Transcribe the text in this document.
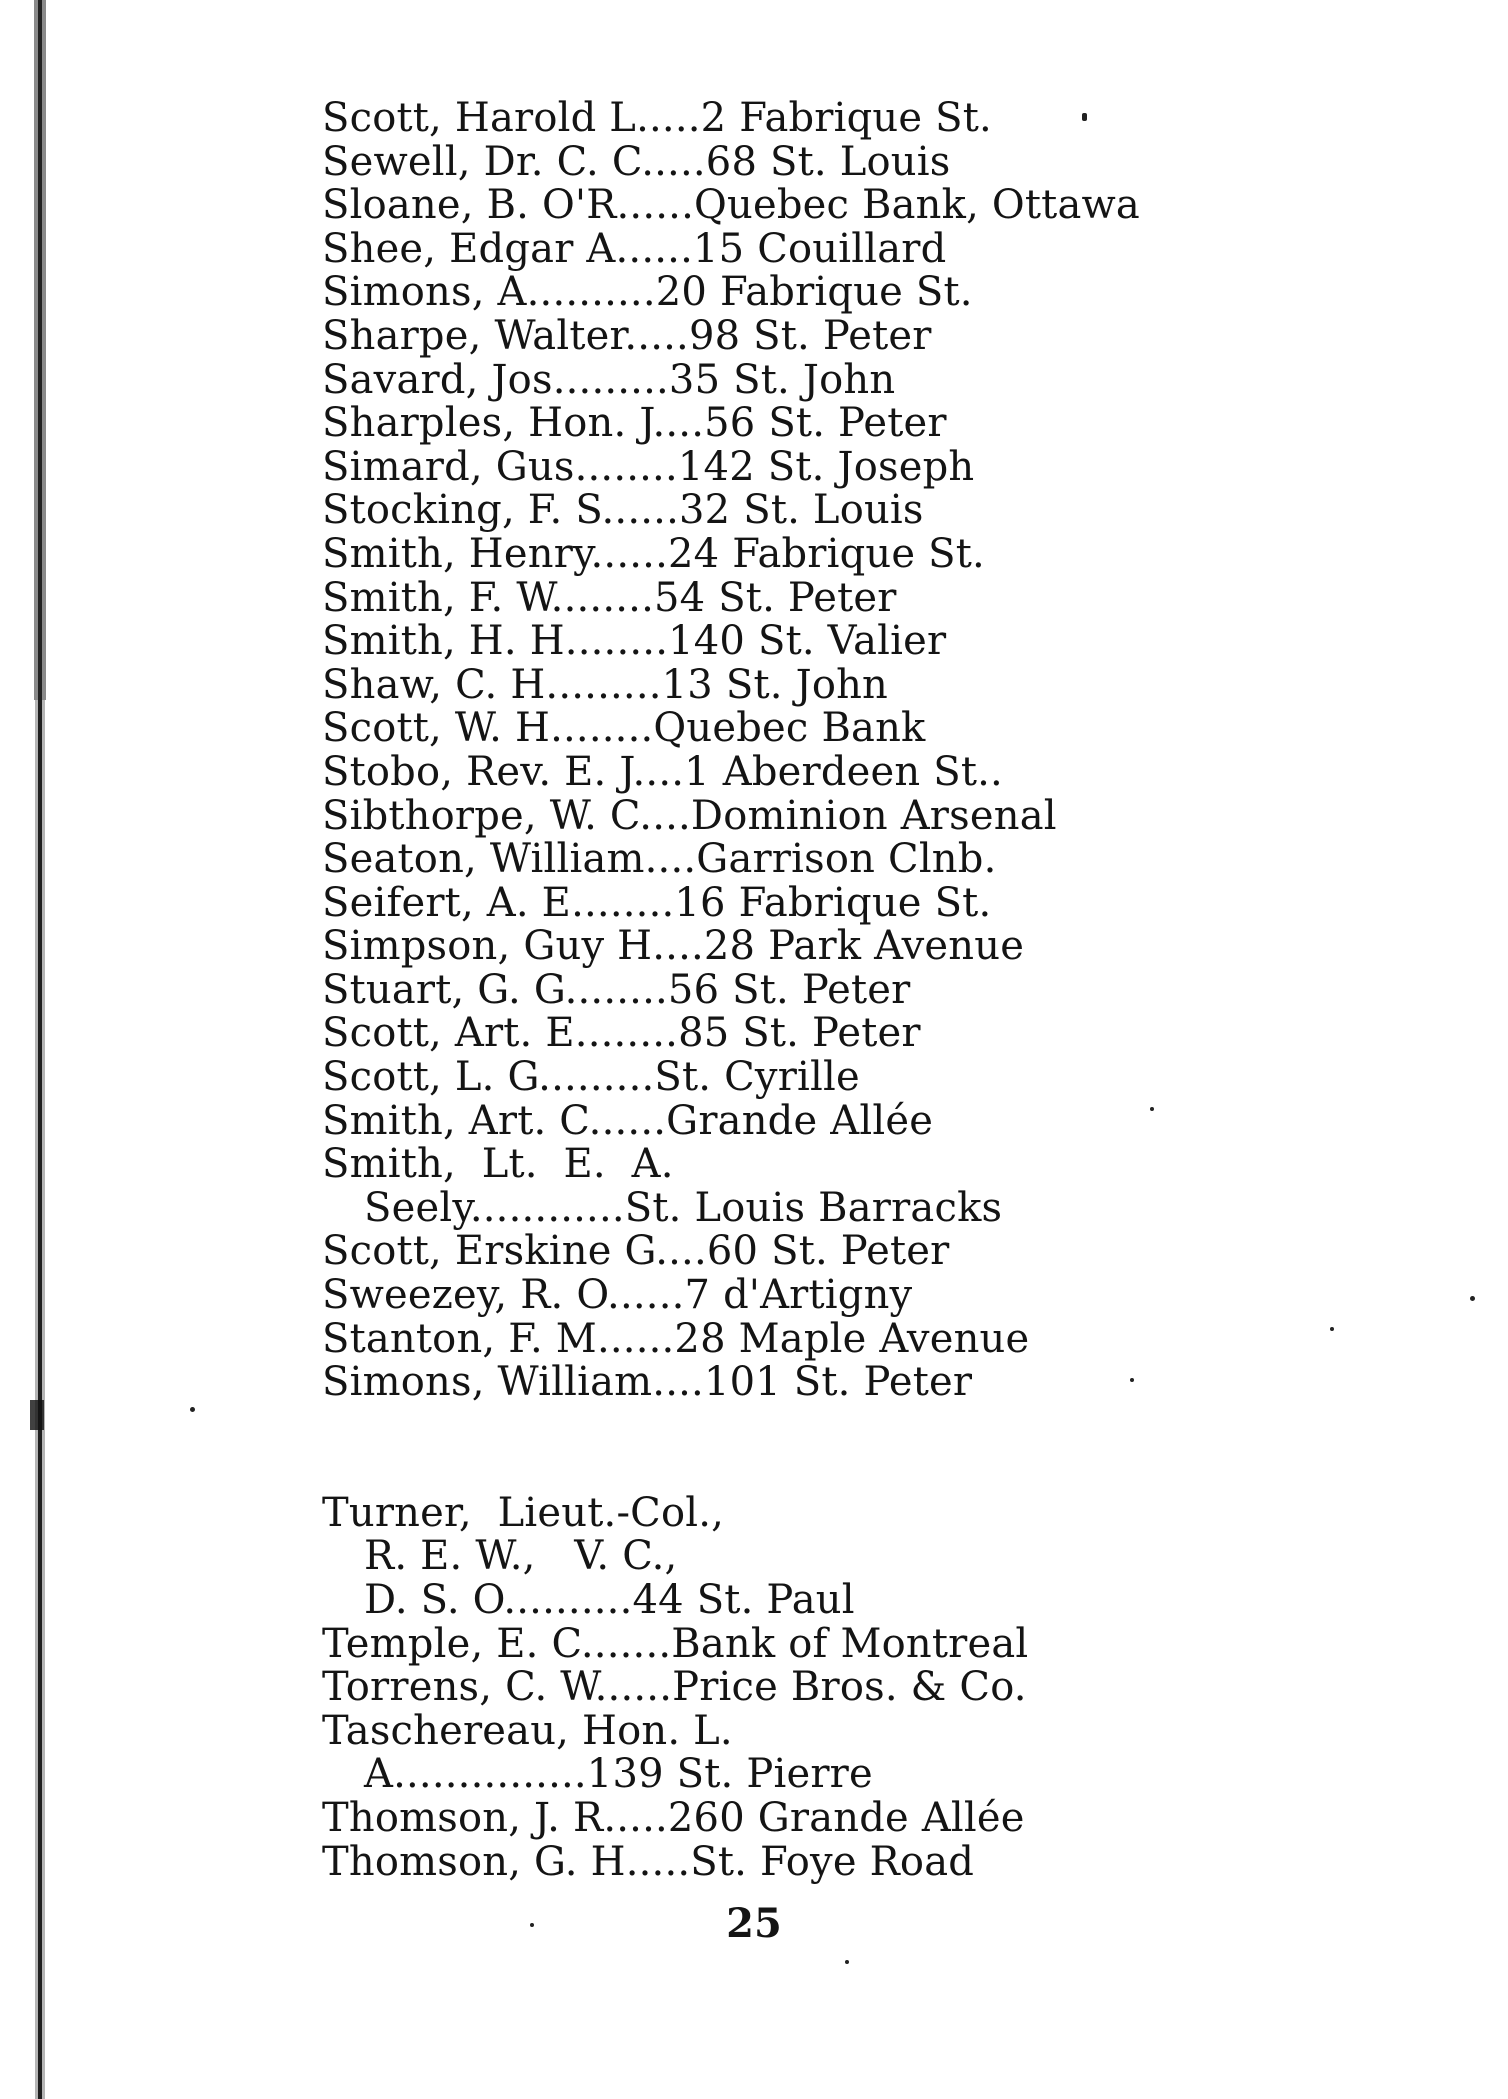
Scott, Harold L.....2 Fabrique St.
Sewell, Dr. C. C.....68 St. Louis
Sloane, B. O'R......Quebec Bank, Ottawa
Shee, Edgar A......15 Couillard
Simons, A..........20 Fabrique St.
Sharpe, Walter.....98 St. Peter
Savard, Jos.........35 St. John
Sharples, Hon. J....56 St. Peter
Simard, Gus........142 St. Joseph
Stocking, F. S......32 St. Louis
Smith, Henry......24 Fabrique St.
Smith, F. W........54 St. Peter
Smith, H. H........140 St. Valier
Shaw, C. H.........13 St. John
Scott, W. H........Quebec Bank
Stobo, Rev. E. J....1 Aberdeen St..
Sibthorpe, W. C....Dominion Arsenal
Seaton, William....Garrison Clnb.
Seifert, A. E........16 Fabrique St.
Simpson, Guy H....28 Park Avenue
Stuart, G. G........56 St. Peter
Scott, Art. E........85 St. Peter
Scott, L. G.........St. Cyrille
Smith, Art. C......Grande Allée
Smith,  Lt.  E.  A.
Seely............St. Louis Barracks
Scott, Erskine G....60 St. Peter
Sweezey, R. O......7 d'Artigny
Stanton, F. M......28 Maple Avenue
Simons, William....101 St. Peter
Turner,  Lieut.-Col.,
R. E. W.,   V. C.,
D. S. O..........44 St. Paul
Temple, E. C.......Bank of Montreal
Torrens, C. W......Price Bros. & Co.
Taschereau, Hon. L.
A...............139 St. Pierre
Thomson, J. R.....260 Grande Allée
Thomson, G. H.....St. Foye Road
25
